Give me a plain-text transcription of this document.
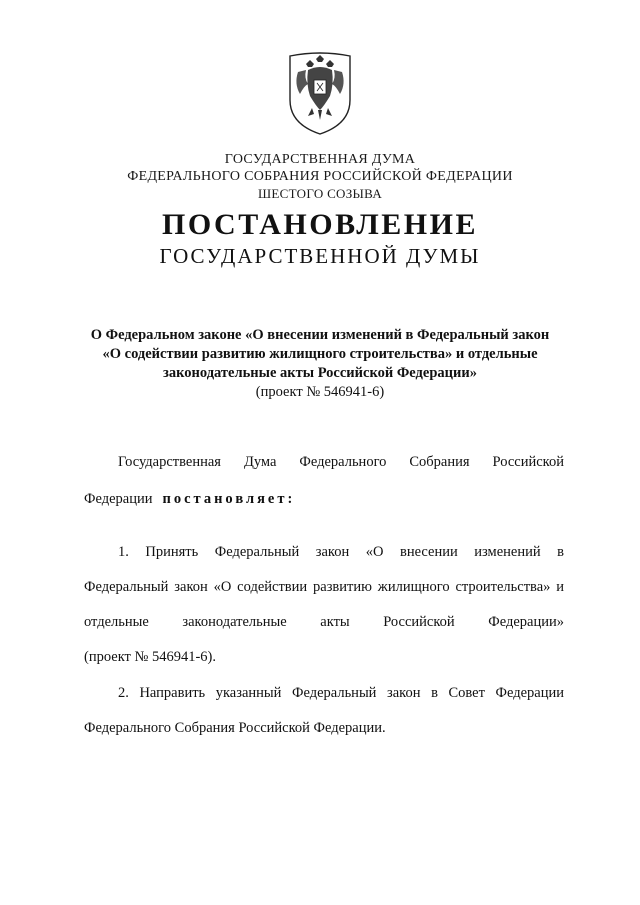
ГОСУДАРСТВЕННАЯ ДУМА
ФЕДЕРАЛЬНОГО СОБРАНИЯ РОССИЙСКОЙ ФЕДЕРАЦИИ
ШЕСТОГО СОЗЫВА
ПОСТАНОВЛЕНИЕ
ГОСУДАРСТВЕННОЙ ДУМЫ
О Федеральном законе «О внесении изменений в Федеральный закон
«О содействии развитию жилищного строительства» и отдельные
законодательные акты Российской Федерации»
(проект № 546941-6)
Государственная Дума Федерального Собрания Российской
Федерации постановляет:
1. Принять Федеральный закон «О внесении изменений в
Федеральный закон «О содействии развитию жилищного строительства» и
отдельные законодательные акты Российской Федерации»
(проект № 546941-6).
2. Направить указанный Федеральный закон в Совет Федерации
Федерального Собрания Российской Федерации.
